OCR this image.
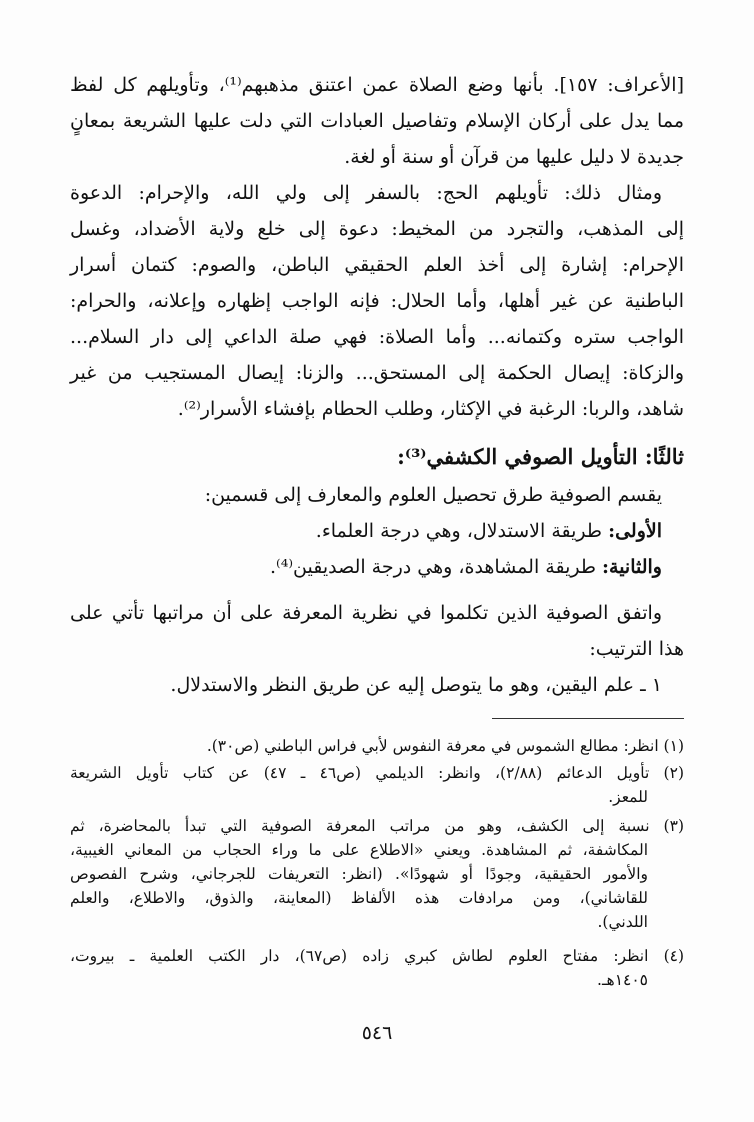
[الأعراف: ١٥٧]. بأنها وضع الصلاة عمن اعتنق مذهبهم⁽¹⁾، وتأويلهم كل لفظ
مما يدل على أركان الإسلام وتفاصيل العبادات التي دلت عليها الشريعة بمعانٍ
جديدة لا دليل عليها من قرآن أو سنة أو لغة.
ومثال ذلك: تأويلهم الحج: بالسفر إلى ولي الله، والإحرام: الدعوة
إلى المذهب، والتجرد من المخيط: دعوة إلى خلع ولاية الأضداد، وغسل
الإحرام: إشارة إلى أخذ العلم الحقيقي الباطن، والصوم: كتمان أسرار
الباطنية عن غير أهلها، وأما الحلال: فإنه الواجب إظهاره وإعلانه، والحرام:
الواجب ستره وكتمانه... وأما الصلاة: فهي صلة الداعي إلى دار السلام...
والزكاة: إيصال الحكمة إلى المستحق... والزنا: إيصال المستجيب من غير
شاهد، والربا: الرغبة في الإكثار، وطلب الحطام بإفشاء الأسرار⁽²⁾.
ثالثًا: التأويل الصوفي الكشفي⁽³⁾:
يقسم الصوفية طرق تحصيل العلوم والمعارف إلى قسمين:
الأولى: طريقة الاستدلال، وهي درجة العلماء.
والثانية: طريقة المشاهدة، وهي درجة الصديقين⁽⁴⁾.
واتفق الصوفية الذين تكلموا في نظرية المعرفة على أن مراتبها تأتي على
هذا الترتيب:
١ ـ علم اليقين، وهو ما يتوصل إليه عن طريق النظر والاستدلال.
(١) انظر: مطالع الشموس في معرفة النفوس لأبي فراس الباطني (ص٣٠).
(٢) تأويل الدعائم (٢/٨٨)، وانظر: الديلمي (ص٤٦ ـ ٤٧) عن كتاب تأويل الشريعة
للمعز.
(٣) نسبة إلى الكشف، وهو من مراتب المعرفة الصوفية التي تبدأ بالمحاضرة، ثم
المكاشفة، ثم المشاهدة. ويعني «الاطلاع على ما وراء الحجاب من المعاني الغيبية،
والأمور الحقيقية، وجودًا أو شهودًا». (انظر: التعريفات للجرجاني، وشرح الفصوص
للقاشاني)، ومن مرادفات هذه الألفاظ (المعاينة، والذوق، والاطلاع، والعلم
اللدني).
(٤) انظر: مفتاح العلوم لطاش كبري زاده (ص٦٧)، دار الكتب العلمية ـ بيروت،
١٤٠٥هـ.
٥٤٦
